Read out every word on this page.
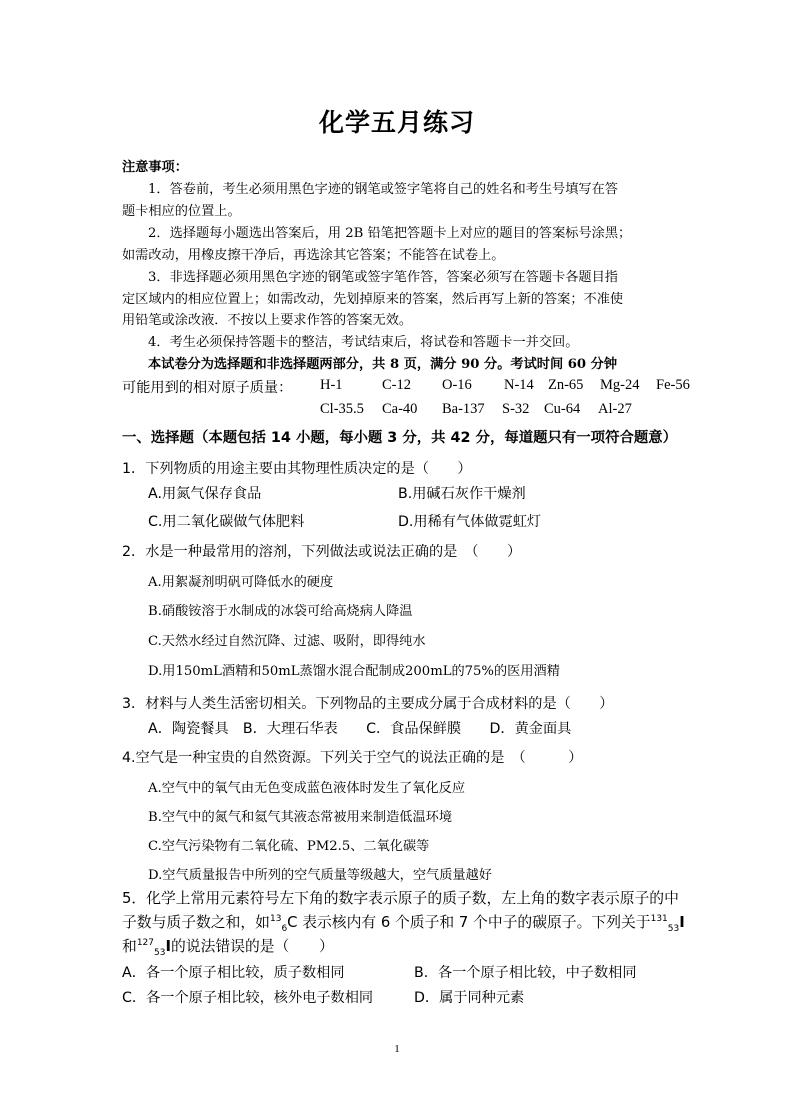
化学五月练习
注意事项：
1．答卷前，考生必须用黑色字迹的钢笔或签字笔将自己的姓名和考生号填写在答
题卡相应的位置上。
2．选择题每小题选出答案后，用 2B 铅笔把答题卡上对应的题目的答案标号涂黑；
如需改动，用橡皮擦干净后，再选涂其它答案；不能答在试卷上。
3．非选择题必须用黑色字迹的钢笔或签字笔作答，答案必须写在答题卡各题目指
定区域内的相应位置上；如需改动，先划掉原来的答案，然后再写上新的答案；不准使
用铅笔或涂改液．不按以上要求作答的答案无效。
4．考生必须保持答题卡的整洁，考试结束后，将试卷和答题卡一并交回。
本试卷分为选择题和非选择题两部分，共 8 页，满分 90 分。考试时间 60 分钟
可能用到的相对原子质量： H-1	C-12 O-16 N-14 Zn-65 Mg-24 Fe-56
Cl-35.5 Ca-40 Ba-137 S-32 Cu-64 Al-27
一、选择题（本题包括 14 小题，每小题 3 分，共 42 分，每道题只有一项符合题意）
1．下列物质的用途主要由其物理性质决定的是（　　）
A.用氮气保存食品	B.用碱石灰作干燥剂
C.用二氧化碳做气体肥料	D.用稀有气体做霓虹灯
2．水是一种最常用的溶剂，下列做法或说法正确的是　（　　）
A.用絮凝剂明矾可降低水的硬度
B.硝酸铵溶于水制成的冰袋可给高烧病人降温
C.天然水经过自然沉降、过滤、吸附，即得纯水
D.用150mL酒精和50mL蒸馏水混合配制成200mL的75%的医用酒精
3．材料与人类生活密切相关。下列物品的主要成分属于合成材料的是（　　）
A．陶瓷餐具　B．大理石华表　　C．食品保鲜膜　　D．黄金面具
4.空气是一种宝贵的自然资源。下列关于空气的说法正确的是　（　　　）
A.空气中的氧气由无色变成蓝色液体时发生了氧化反应
B.空气中的氮气和氦气其液态常被用来制造低温环境
C.空气污染物有二氧化硫、PM2.5、二氧化碳等
D.空气质量报告中所列的空气质量等级越大，空气质量越好
5．化学上常用元素符号左下角的数字表示原子的质子数，左上角的数字表示原子的中
子数与质子数之和，如$^{13}_6$C 表示核内有 6 个质子和 7 个中子的碳原子。下列关于$^{131}_{53}$I
和$^{127}_{53}$I的说法错误的是（　　）
A．各一个原子相比较，质子数相同	B．各一个原子相比较，中子数相同
C．各一个原子相比较，核外电子数相同	D．属于同种元素
1
